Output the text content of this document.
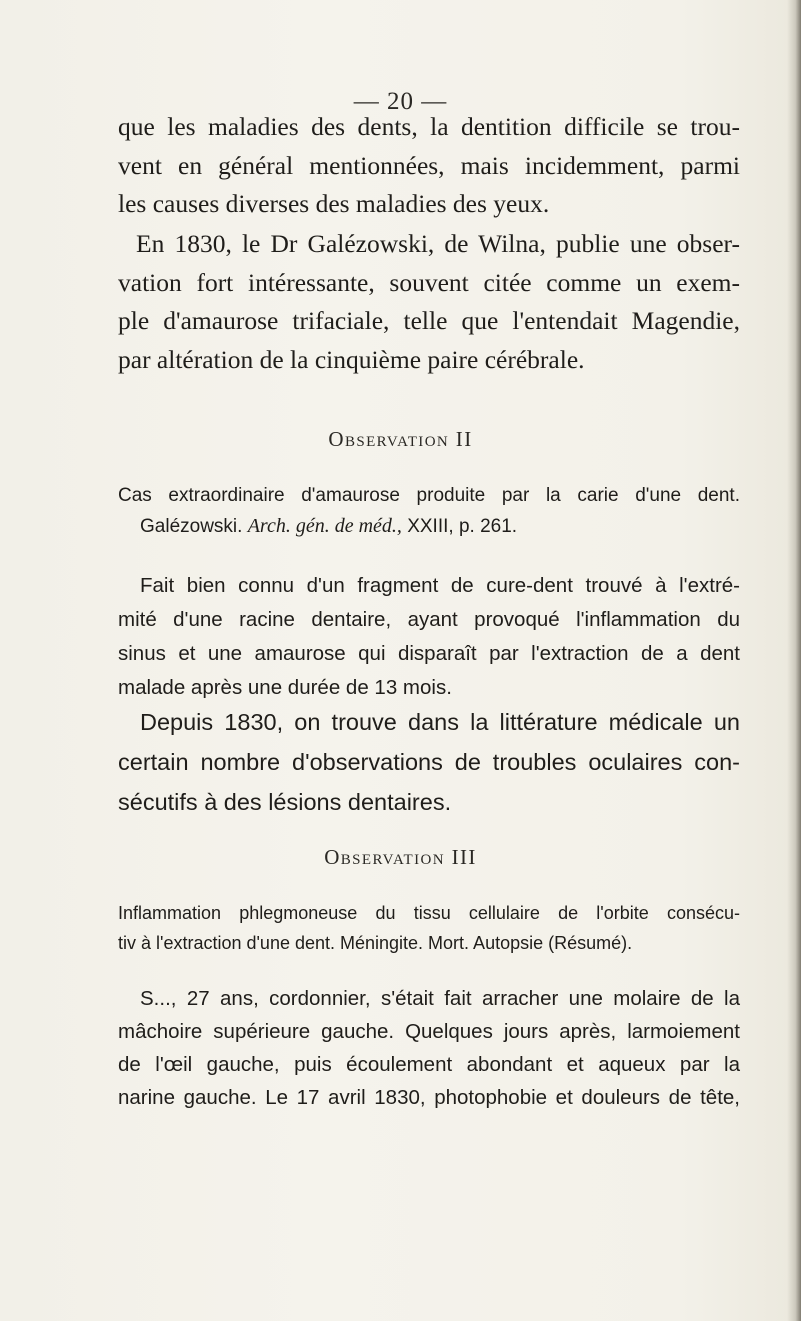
— 20 —
que les maladies des dents, la dentition difficile se trou-
vent en général mentionnées, mais incidemment, parmi
les causes diverses des maladies des yeux.
En 1830, le Dr Galézowski, de Wilna, publie une obser-
vation fort intéressante, souvent citée comme un exem-
ple d'amaurose trifaciale, telle que l'entendait Magendie,
par altération de la cinquième paire cérébrale.
Observation II
Cas extraordinaire d'amaurose produite par la carie d'une dent.
Galézowski. Arch. gén. de méd., XXIII, p. 261.
Fait bien connu d'un fragment de cure-dent trouvé à l'extré-
mité d'une racine dentaire, ayant provoqué l'inflammation du
sinus et une amaurose qui disparaît par l'extraction de a dent
malade après une durée de 13 mois.
Depuis 1830, on trouve dans la littérature médicale un
certain nombre d'observations de troubles oculaires con-
sécutifs à des lésions dentaires.
Observation III
Inflammation phlegmoneuse du tissu cellulaire de l'orbite consécu-
tiv à l'extraction d'une dent. Méningite. Mort. Autopsie (Résumé).
S..., 27 ans, cordonnier, s'était fait arracher une molaire de la
mâchoire supérieure gauche. Quelques jours après, larmoiement
de l'œil gauche, puis écoulement abondant et aqueux par la
narine gauche. Le 17 avril 1830, photophobie et douleurs de tête,
